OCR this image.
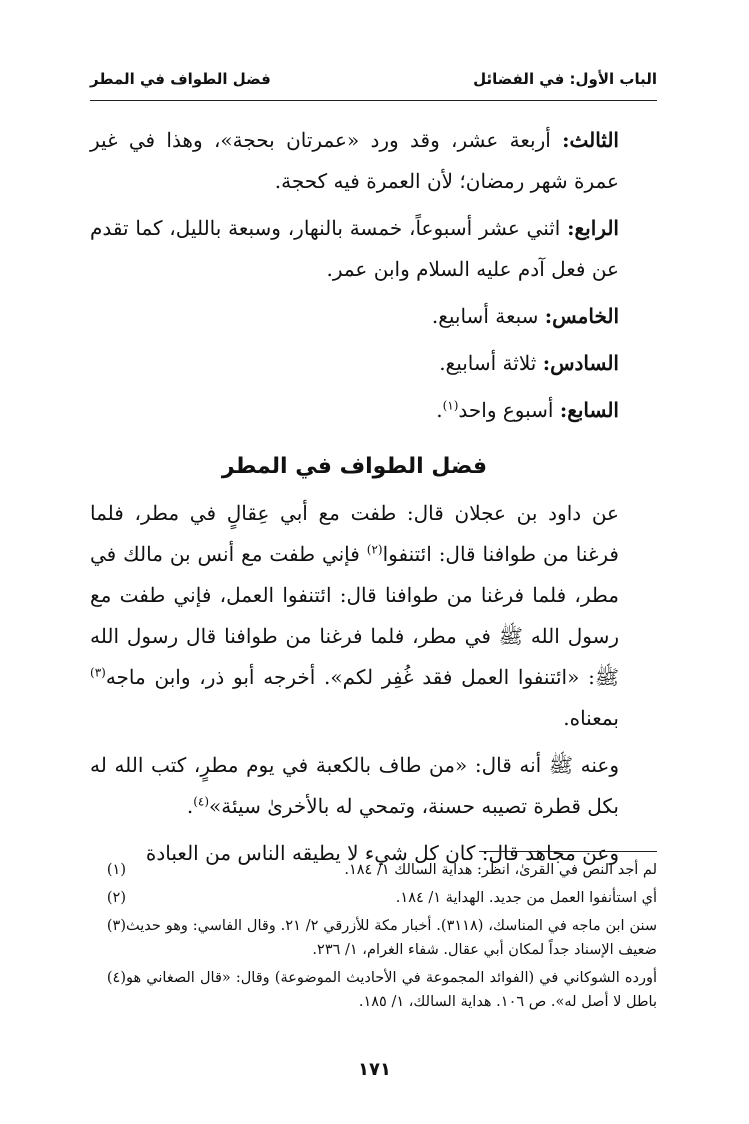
الباب الأول: في الفضائل
فضل الطواف في المطر

الثالث: أربعة عشر، وقد ورد «عمرتان بحجة»، وهذا في غير عمرة شهر رمضان؛ لأن العمرة فيه كحجة.

الرابع: اثني عشر أسبوعاً، خمسة بالنهار، وسبعة بالليل، كما تقدم عن فعل آدم عليه السلام وابن عمر.

الخامس: سبعة أسابيع.

السادس: ثلاثة أسابيع.

السابع: أسبوع واحد$^{(١)}$.

فضل الطواف في المطر

عن داود بن عجلان قال: طفت مع أبي عِقالٍ في مطر، فلما فرغنا من طوافنا قال: ائتنفوا$^{(٢)}$ فإني طفت مع أنس بن مالك في مطر، فلما فرغنا من طوافنا قال: ائتنفوا العمل، فإني طفت مع رسول الله ﷺ في مطر، فلما فرغنا من طوافنا قال رسول الله ﷺ: «ائتنفوا العمل فقد غُفِر لكم». أخرجه أبو ذر، وابن ماجه$^{(٣)}$ بمعناه.

وعنه ﷺ أنه قال: «من طاف بالكعبة في يوم مطرٍ، كتب الله له بكل قطرة تصيبه حسنة، وتمحي له بالأخرىٰ سيئة»$^{(٤)}$.

وعن مجاهد قال: كان كل شيء لا يطيقه الناس من العبادة

لم أجد النص في القرىٰ، انظر: هداية السالك ١/ ١٨٤.
(١)
أي استأنفوا العمل من جديد. الهداية ١/ ١٨٤.
(٢)
سنن ابن ماجه في المناسك، (٣١١٨). أخبار مكة للأزرقي ٢/ ٢١. وقال الفاسي: وهو حديث ضعيف الإسناد جداً لمكان أبي عقال. شفاء الغرام، ١/ ٢٣٦.
(٣)
أورده الشوكاني في (الفوائد المجموعة في الأحاديث الموضوعة) وقال: «قال الصغاني هو باطل لا أصل له». ص ١٠٦. هداية السالك، ١/ ١٨٥.
(٤)
١٧١
